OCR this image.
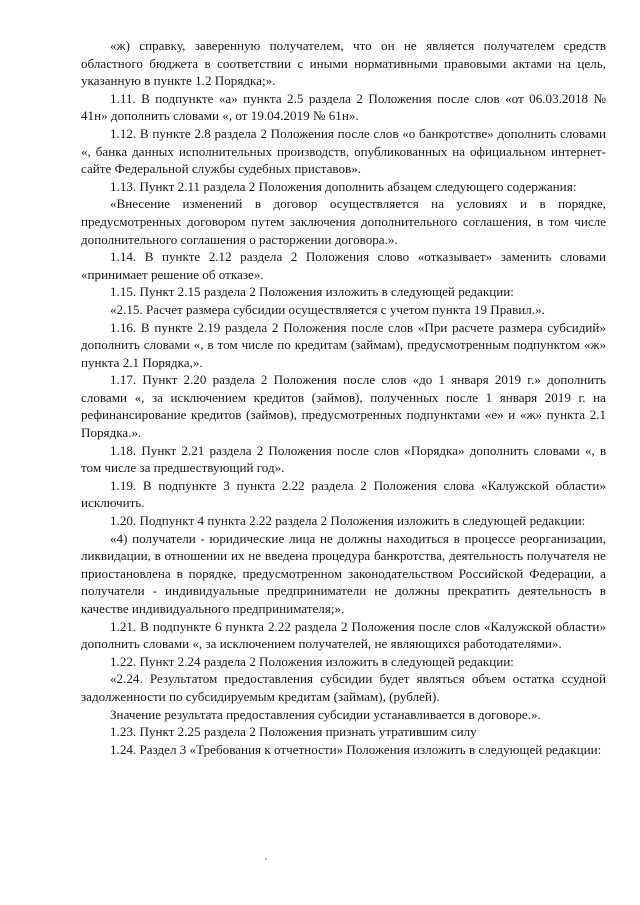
«ж) справку, заверенную получателем, что он не является получателем средств областного бюджета в соответствии с иными нормативными правовыми актами на цель, указанную в пункте 1.2 Порядка;».

1.11. В подпункте «а» пункта 2.5 раздела 2 Положения после слов «от 06.03.2018 № 41н» дополнить словами «, от 19.04.2019 № 61н».

1.12. В пункте 2.8 раздела 2 Положения после слов «о банкротстве» дополнить словами «, банка данных исполнительных производств, опубликованных на официальном интернет-сайте Федеральной службы судебных приставов».

1.13. Пункт 2.11 раздела 2 Положения дополнить абзацем следующего содержания:

«Внесение изменений в договор осуществляется на условиях и в порядке, предусмотренных договором путем заключения дополнительного соглашения, в том числе дополнительного соглашения о расторжении договора.».

1.14. В пункте 2.12 раздела 2 Положения слово «отказывает» заменить словами «принимает решение об отказе».

1.15. Пункт 2.15 раздела 2 Положения изложить в следующей редакции:

«2.15. Расчет размера субсидии осуществляется с учетом пункта 19 Правил.».

1.16. В пункте 2.19 раздела 2 Положения после слов «При расчете размера субсидий» дополнить словами «, в том числе по кредитам (займам), предусмотренным подпунктом «ж» пункта 2.1 Порядка,».

1.17. Пункт 2.20 раздела 2 Положения после слов «до 1 января 2019 г.» дополнить словами «, за исключением кредитов (займов), полученных после 1 января 2019 г. на рефинансирование кредитов (займов), предусмотренных подпунктами «е» и «ж» пункта 2.1 Порядка.».

1.18. Пункт 2.21 раздела 2 Положения после слов «Порядка» дополнить словами «, в том числе за предшествующий год».

1.19. В подпункте 3 пункта 2.22 раздела 2 Положения слова «Калужской области» исключить.

1.20. Подпункт 4 пункта 2.22 раздела 2 Положения изложить в следующей редакции:

«4) получатели - юридические лица не должны находиться в процессе реорганизации, ликвидации, в отношении их не введена процедура банкротства, деятельность получателя не приостановлена в порядке, предусмотренном законодательством Российской Федерации, а получатели - индивидуальные предприниматели не должны прекратить деятельность в качестве индивидуального предпринимателя;».

1.21. В подпункте 6 пункта 2.22 раздела 2 Положения после слов «Калужской области» дополнить словами «, за исключением получателей, не являющихся работодателями».

1.22. Пункт 2.24 раздела 2 Положения изложить в следующей редакции:

«2.24. Результатом предоставления субсидии будет являться объем остатка ссудной задолженности по субсидируемым кредитам (займам), (рублей).

Значение результата предоставления субсидии устанавливается в договоре.».

1.23. Пункт 2.25 раздела 2 Положения признать утратившим силу

1.24. Раздел 3 «Требования к отчетности» Положения изложить в следующей редакции:
